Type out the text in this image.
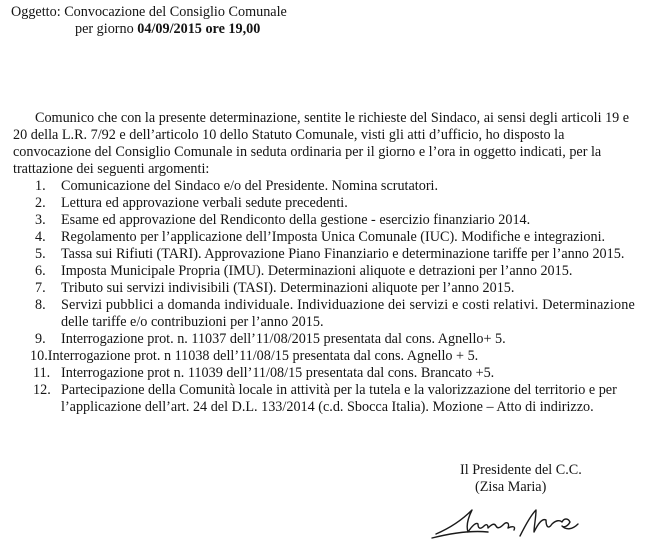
Oggetto: Convocazione del Consiglio Comunale
per giorno 04/09/2015 ore 19,00
Comunico che con la presente determinazione, sentite le richieste del Sindaco, ai sensi degli articoli 19 e
20 della L.R. 7/92 e dell’articolo 10 dello Statuto Comunale, visti gli atti d’ufficio, ho disposto la
convocazione del Consiglio Comunale in seduta ordinaria per il giorno e l’ora in oggetto indicati, per la
trattazione dei seguenti argomenti:
1. Comunicazione del Sindaco e/o del Presidente. Nomina scrutatori.
2. Lettura ed approvazione verbali sedute precedenti.
3. Esame ed approvazione del Rendiconto della gestione - esercizio finanziario 2014.
4. Regolamento per l’applicazione dell’Imposta Unica Comunale (IUC). Modifiche e integrazioni.
5. Tassa sui Rifiuti (TARI). Approvazione Piano Finanziario e determinazione tariffe per l’anno 2015.
6. Imposta Municipale Propria (IMU). Determinazioni aliquote e detrazioni per l’anno 2015.
7. Tributo sui servizi indivisibili (TASI). Determinazioni aliquote per l’anno 2015.
8. Servizi pubblici a domanda individuale. Individuazione dei servizi e costi relativi. Determinazione
delle tariffe e/o contribuzioni per l’anno 2015.
9. Interrogazione prot. n. 11037 dell’11/08/2015 presentata dal cons. Agnello+ 5.
10.Interrogazione prot. n 11038 dell’11/08/15 presentata dal cons. Agnello + 5.
11. Interrogazione prot n. 11039 dell’11/08/15 presentata dal cons. Brancato +5.
12. Partecipazione della Comunità locale in attività per la tutela e la valorizzazione del territorio e per
l’applicazione dell’art. 24 del D.L. 133/2014 (c.d. Sbocca Italia). Mozione – Atto di indirizzo.
Il Presidente del C.C.
(Zisa Maria)
